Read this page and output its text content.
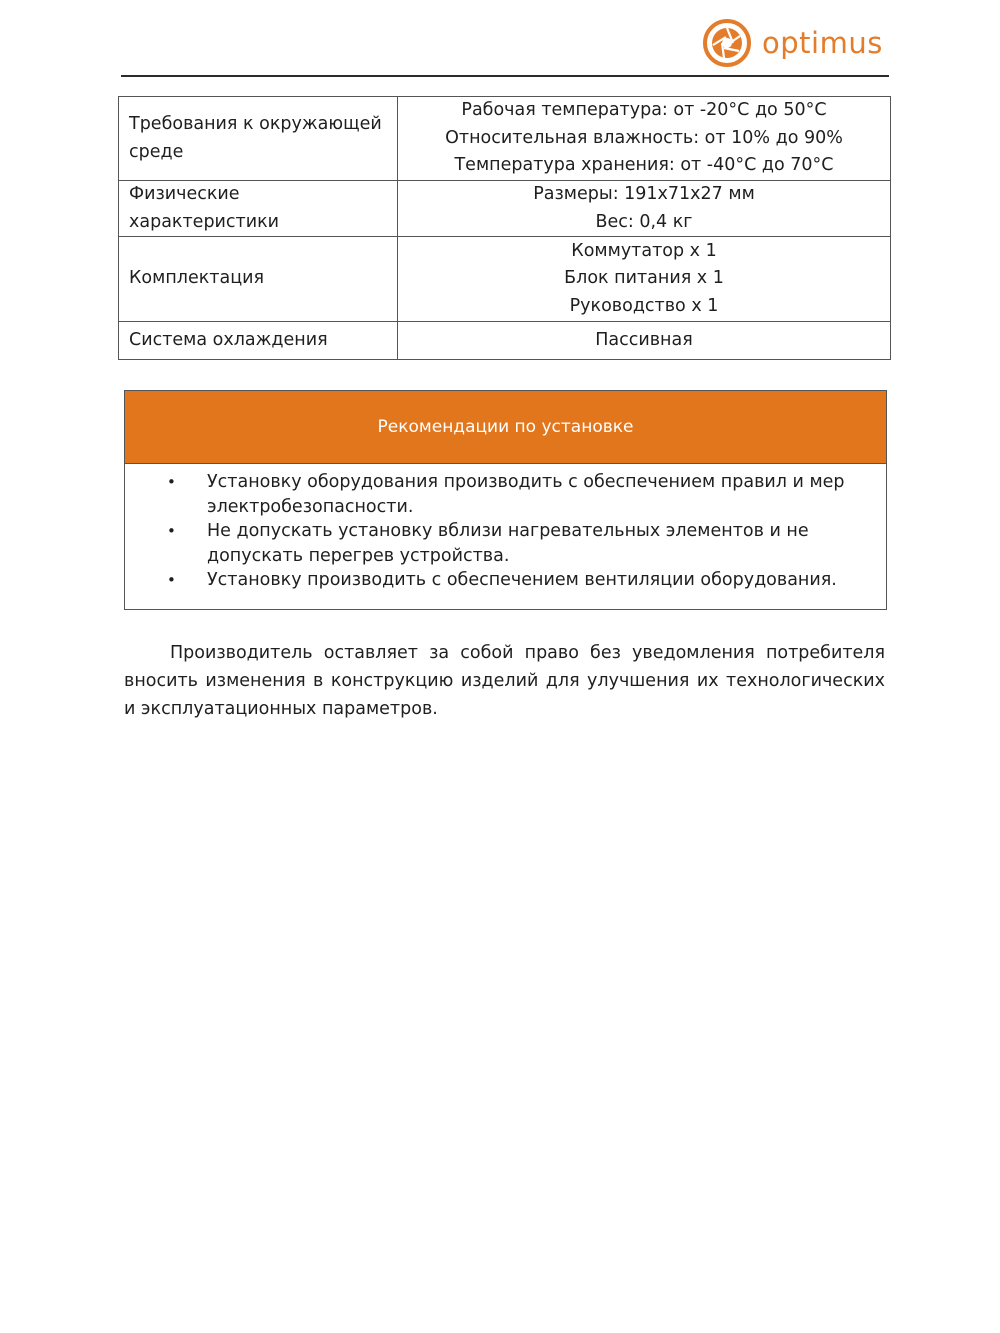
optimus
Требования к окружающей среде	Рабочая температура: от -20°C до 50°C
Относительная влажность: от 10% до 90%
Температура хранения: от -40°C до 70°C

Физические характеристики	Размеры: 191x71x27 мм
Вес: 0,4 кг

Комплектация	Коммутатор х 1
Блок питания х 1
Руководство х 1

Система охлаждения	Пассивная
Рекомендации по установке
• Установку оборудования производить с обеспечением правил и мер электробезопасности.
• Не допускать установку вблизи нагревательных элементов и не допускать перегрев устройства.
• Установку производить с обеспечением вентиляции оборудования.

Производитель оставляет за собой право без уведомления потребителя вносить изменения в конструкцию изделий для улучшения их технологических и эксплуатационных параметров.
